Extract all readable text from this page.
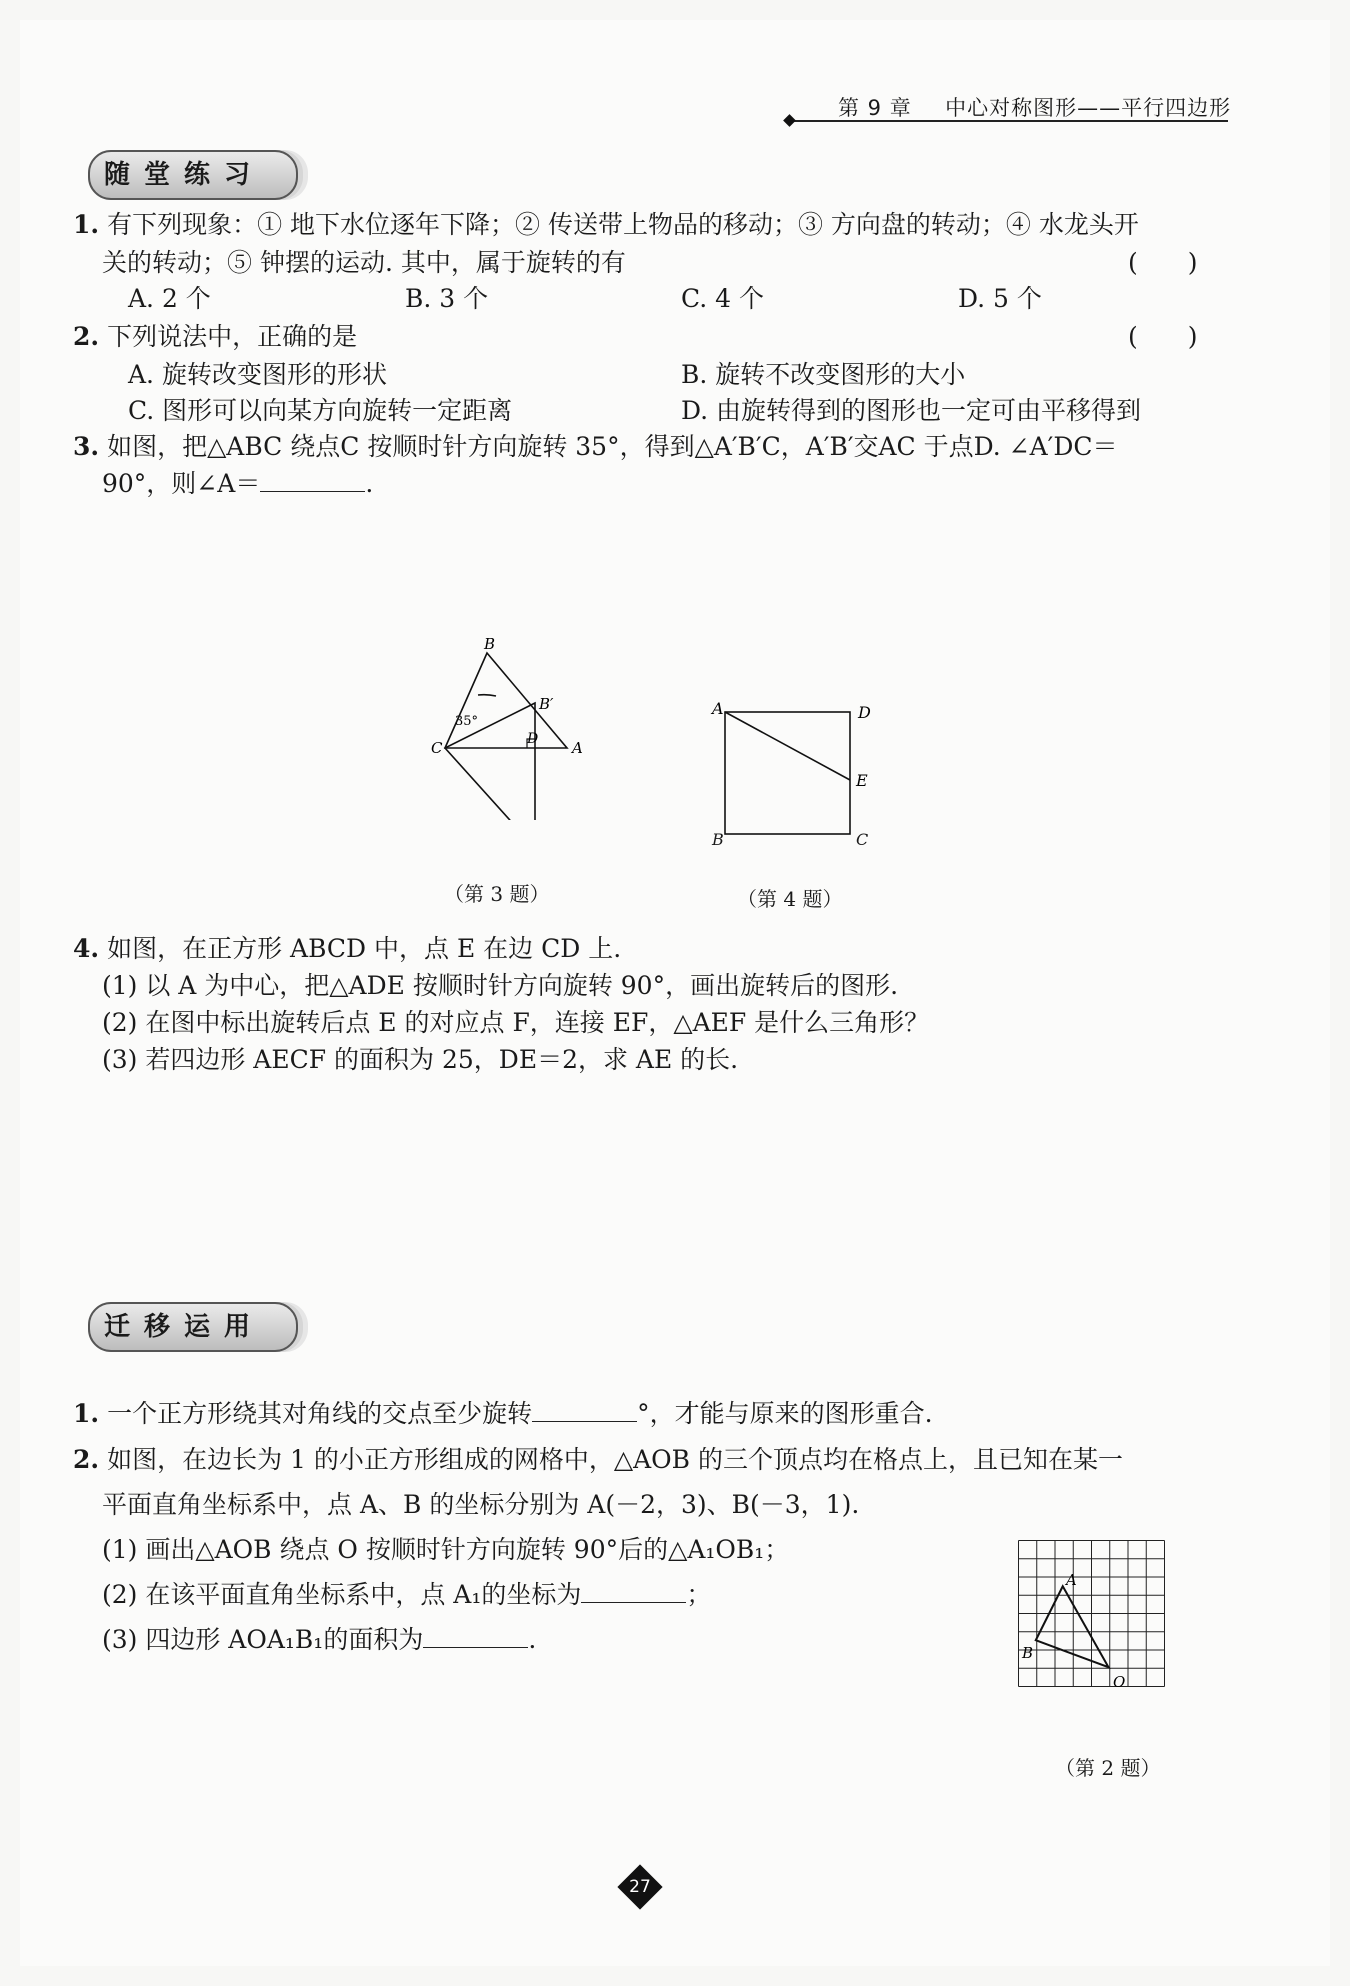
第 9 章 中心对称图形——平行四边形
随堂练习
1. 有下列现象：① 地下水位逐年下降；② 传送带上物品的移动；③ 方向盘的转动；④ 水龙头开
关的转动；⑤ 钟摆的运动. 其中，属于旋转的有	(　　)
A. 2 个	B. 3 个	C. 4 个	D. 5 个
2. 下列说法中，正确的是	(　　)
A. 旋转改变图形的形状	B. 旋转不改变图形的大小
C. 图形可以向某方向旋转一定距离	D. 由旋转得到的图形也一定可由平移得到
3. 如图，把△ABC 绕点C 按顺时针方向旋转 35°，得到△A′B′C，A′B′交AC 于点D. ∠A′DC＝
90°，则∠A＝	.
B
B′
C	D A
35°
（第 3 题）
A	D
E
B	C
（第 4 题）
4. 如图，在正方形 ABCD 中，点 E 在边 CD 上.
(1) 以 A 为中心，把△ADE 按顺时针方向旋转 90°，画出旋转后的图形.
(2) 在图中标出旋转后点 E 的对应点 F，连接 EF，△AEF 是什么三角形？
(3) 若四边形 AECF 的面积为 25，DE＝2，求 AE 的长.
迁移运用
1. 一个正方形绕其对角线的交点至少旋转	°，才能与原来的图形重合.
2. 如图，在边长为 1 的小正方形组成的网格中，△AOB 的三个顶点均在格点上，且已知在某一
平面直角坐标系中，点 A、B 的坐标分别为 A(－2，3)、B(－3，1).
(1) 画出△AOB 绕点 O 按顺时针方向旋转 90°后的△A₁OB₁；
(2) 在该平面直角坐标系中，点 A₁的坐标为	；
(3) 四边形 AOA₁B₁的面积为	.
A
B
O
（第 2 题）
27
